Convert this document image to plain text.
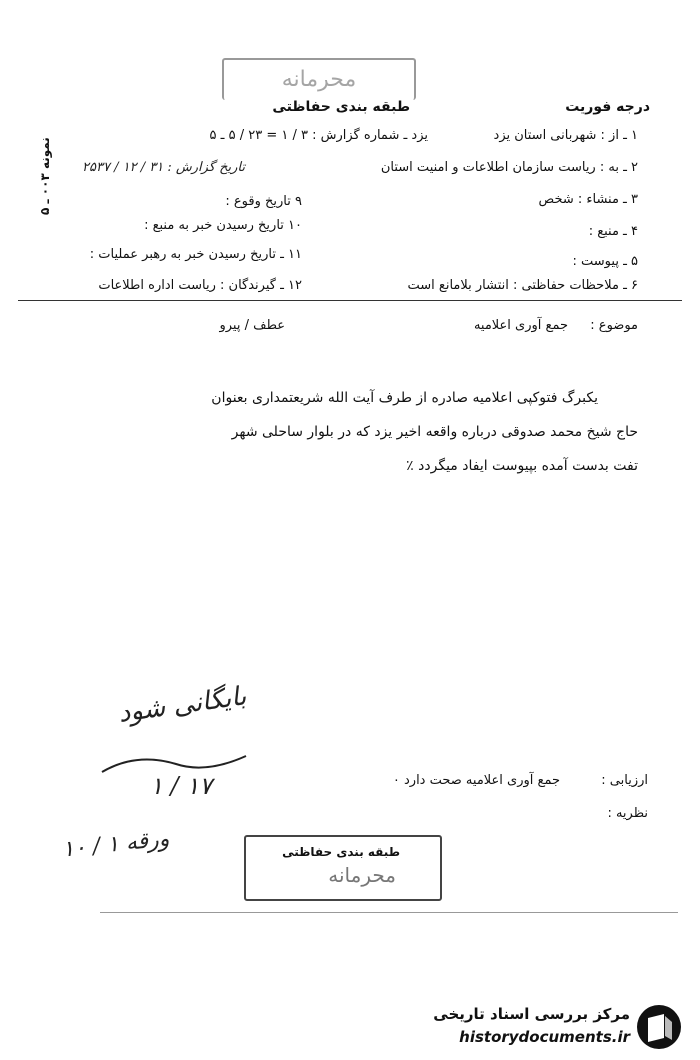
محرمانه
طبقه بندی حفاظتی	درجه فوریت
نمونه ۰۰۳ ـ ۵
۱ ـ از : شهربانی استان یزد
یزد ـ شماره گزارش : ۳ / ۱ = ۲۳ / ۵ ـ ۵
۲ ـ به : ریاست سازمان اطلاعات و امنیت استان
تاریخ گزارش : ۳۱ / ۱۲ / ۲۵۳۷
۳ ـ منشاء : شخص
۹ تاریخ وقوع :
۴ ـ منبع :
۱۰ تاریخ رسیدن خبر به منبع :
۵ ـ پیوست :
۱۱ ـ تاریخ رسیدن خبر به رهبر عملیات :
۶ ـ ملاحظات حفاظتی : انتشار بلامانع است
۱۲ ـ گیرندگان : ریاست اداره اطلاعات
موضوع :
جمع آوری اعلامیه
عطف / پیرو
یکبرگ فتوکپی اعلامیه صادره از طرف آیت الله شریعتمداری بعنوان
حاج شیخ محمد صدوقی درباره واقعه اخیر یزد که در بلوار ساحلی شهر
تفت بدست آمده بپیوست ایفاد میگردد ٪
بایگانی شود
۱۷ / ۱
ورقه ۱ / ۱۰
ارزیابی :
جمع آوری اعلامیه صحت دارد ۰
نظریه :
طبقه بندی حفاظتی
محرمانه
مرکز بررسی اسناد تاریخی
historydocuments.ir
